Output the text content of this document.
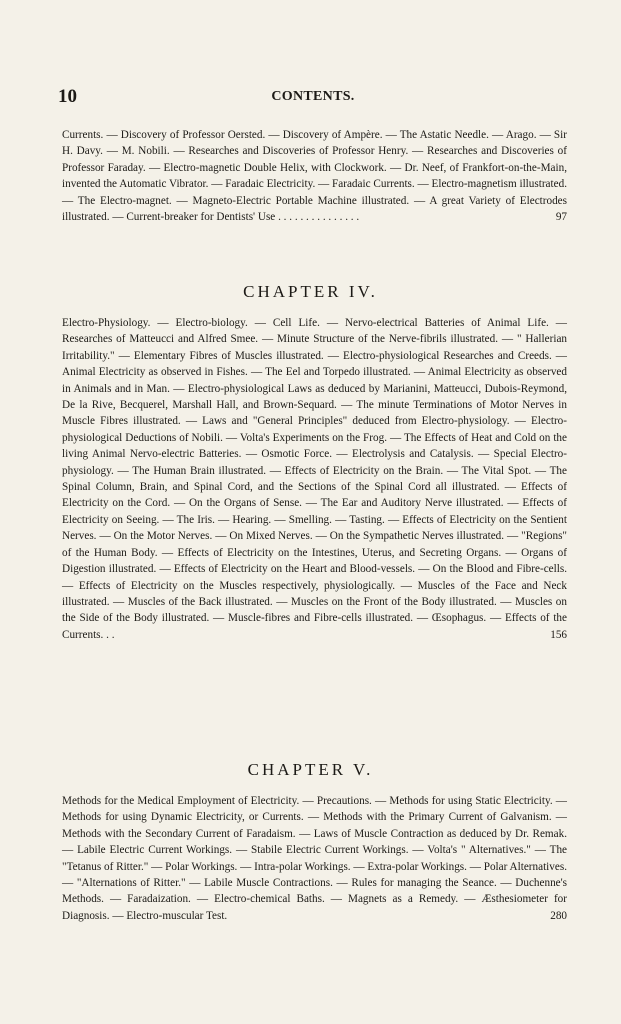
10	CONTENTS.
Currents. — Discovery of Professor Oersted. — Discovery of Ampère. — The Astatic Needle. — Arago. — Sir H. Davy. — M. Nobili. — Researches and Discoveries of Professor Henry. — Researches and Discoveries of Professor Faraday. — Electro-magnetic Double Helix, with Clockwork. — Dr. Neef, of Frankfort-on-the-Main, invented the Automatic Vibrator. — Faradaic Electricity. — Faradaic Currents. — Electro-magnetism illustrated. — The Electro-magnet. — Magneto-Electric Portable Machine illustrated. — A great Variety of Electrodes illustrated. — Current-breaker for Dentists' Use . . . . . . . . . . . . . . .	97
CHAPTER IV.
Electro-Physiology. — Electro-biology. — Cell Life. — Nervo-electrical Batteries of Animal Life. — Researches of Matteucci and Alfred Smee. — Minute Structure of the Nerve-fibrils illustrated. — " Hallerian Irritability." — Elementary Fibres of Muscles illustrated. — Electro-physiological Researches and Creeds. — Animal Electricity as observed in Fishes. — The Eel and Torpedo illustrated. — Animal Electricity as observed in Animals and in Man. — Electro-physiological Laws as deduced by Marianini, Matteucci, Dubois-Reymond, De la Rive, Becquerel, Marshall Hall, and Brown-Sequard. — The minute Terminations of Motor Nerves in Muscle Fibres illustrated. — Laws and "General Principles" deduced from Electro-physiology. — Electro-physiological Deductions of Nobili. — Volta's Experiments on the Frog. — The Effects of Heat and Cold on the living Animal Nervo-electric Batteries. — Osmotic Force. — Electrolysis and Catalysis. — Special Electro-physiology. — The Human Brain illustrated. — Effects of Electricity on the Brain. — The Vital Spot. — The Spinal Column, Brain, and Spinal Cord, and the Sections of the Spinal Cord all illustrated. — Effects of Electricity on the Cord. — On the Organs of Sense. — The Ear and Auditory Nerve illustrated. — Effects of Electricity on Seeing. — The Iris. — Hearing. — Smelling. — Tasting. — Effects of Electricity on the Sentient Nerves. — On the Motor Nerves. — On Mixed Nerves. — On the Sympathetic Nerves illustrated. — "Regions" of the Human Body. — Effects of Electricity on the Intestines, Uterus, and Secreting Organs. — Organs of Digestion illustrated. — Effects of Electricity on the Heart and Blood-vessels. — On the Blood and Fibre-cells. — Effects of Electricity on the Muscles respectively, physiologically. — Muscles of the Face and Neck illustrated. — Muscles of the Back illustrated. — Muscles on the Front of the Body illustrated. — Muscles on the Side of the Body illustrated. — Muscle-fibres and Fibre-cells illustrated. — Œsophagus. — Effects of the Currents. . .	156
CHAPTER V.
Methods for the Medical Employment of Electricity. — Precautions. — Methods for using Static Electricity. — Methods for using Dynamic Electricity, or Currents. — Methods with the Primary Current of Galvanism. — Methods with the Secondary Current of Faradaism. — Laws of Muscle Contraction as deduced by Dr. Remak. — Labile Electric Current Workings. — Stabile Electric Current Workings. — Volta's " Alternatives." — The "Tetanus of Ritter." — Polar Workings. — Intra-polar Workings. — Extra-polar Workings. — Polar Alternatives. — "Alternations of Ritter." — Labile Muscle Contractions. — Rules for managing the Seance. — Duchenne's Methods. — Faradaization. — Electro-chemical Baths. — Magnets as a Remedy. — Æsthesiometer for Diagnosis. — Electro-muscular Test.	280
